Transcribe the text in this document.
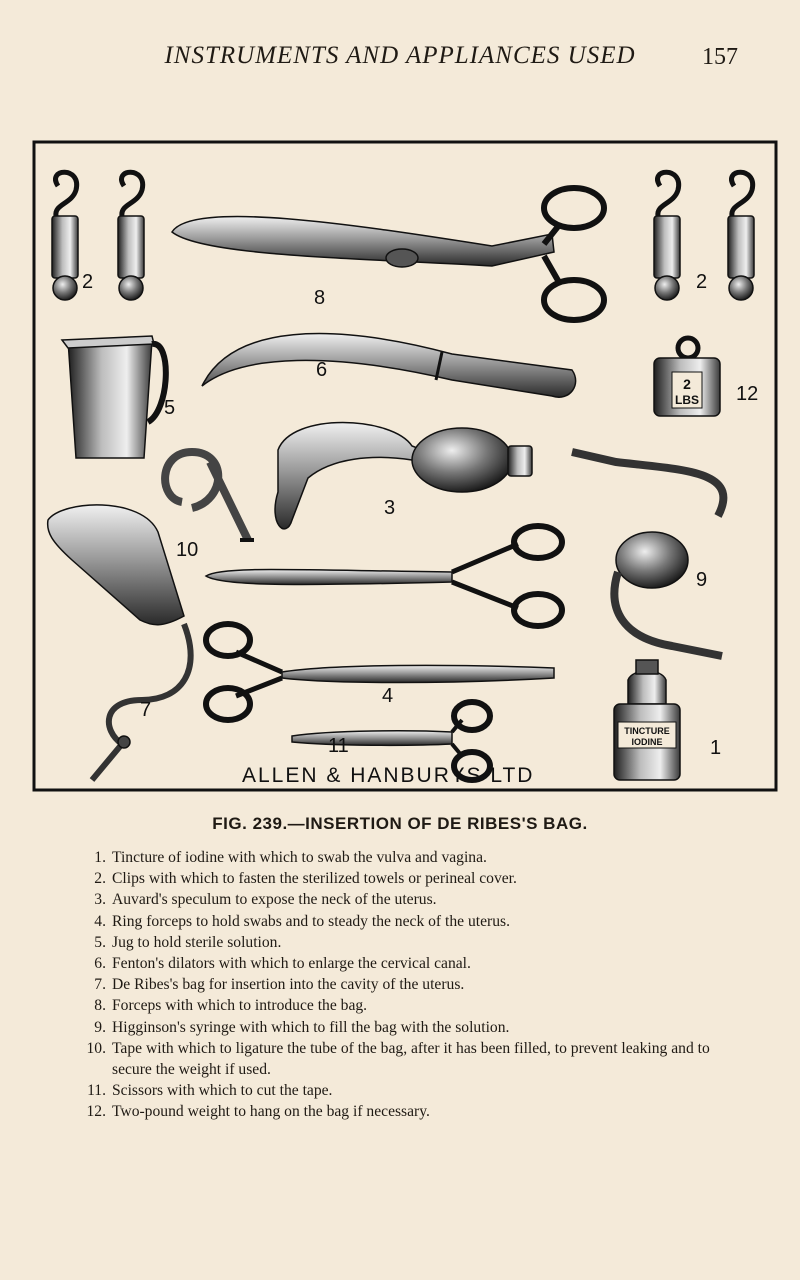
INSTRUMENTS AND APPLIANCES USED	157
2
LBS
TINCTURE
IODINE 1
2	2
3
4
5
6
7
8
9
10
11
12
ALLEN & HANBURYS LTD
FIG. 239.—INSERTION OF DE RIBES'S BAG.
1. Tincture of iodine with which to swab the vulva and vagina.
2. Clips with which to fasten the sterilized towels or perineal cover.
3. Auvard's speculum to expose the neck of the uterus.
4. Ring forceps to hold swabs and to steady the neck of the uterus.
5. Jug to hold sterile solution.
6. Fenton's dilators with which to enlarge the cervical canal.
7. De Ribes's bag for insertion into the cavity of the uterus.
8. Forceps with which to introduce the bag.
9. Higginson's syringe with which to fill the bag with the solution.
10. Tape with which to ligature the tube of the bag, after it has been filled, to prevent leaking and to secure the weight if used.
11. Scissors with which to cut the tape.
12. Two-pound weight to hang on the bag if necessary.
